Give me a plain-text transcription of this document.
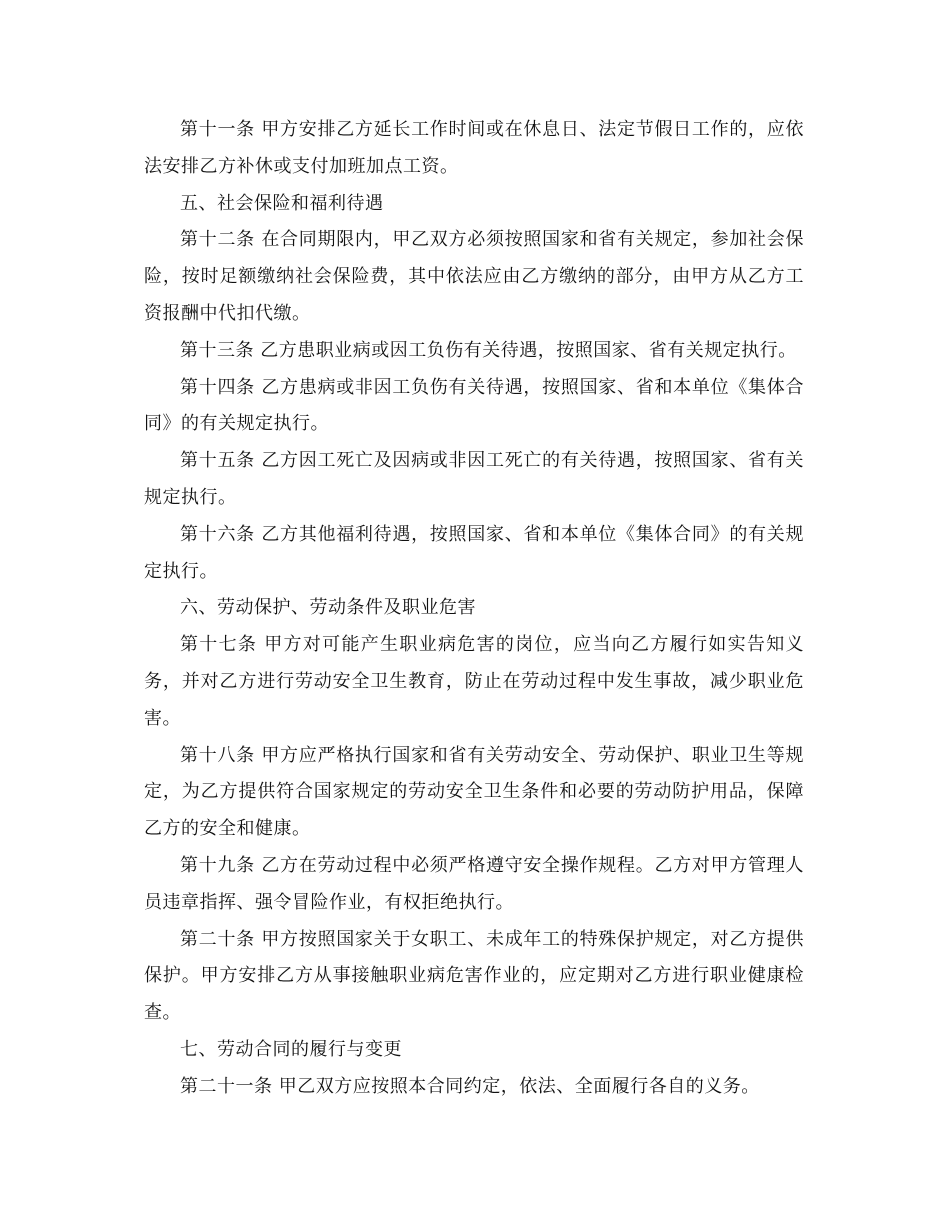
第十一条 甲方安排乙方延长工作时间或在休息日、法定节假日工作的，应依法安排乙方补休或支付加班加点工资。

五、社会保险和福利待遇

第十二条 在合同期限内，甲乙双方必须按照国家和省有关规定，参加社会保险，按时足额缴纳社会保险费，其中依法应由乙方缴纳的部分，由甲方从乙方工资报酬中代扣代缴。

第十三条 乙方患职业病或因工负伤有关待遇，按照国家、省有关规定执行。

第十四条 乙方患病或非因工负伤有关待遇，按照国家、省和本单位《集体合同》的有关规定执行。

第十五条 乙方因工死亡及因病或非因工死亡的有关待遇，按照国家、省有关规定执行。

第十六条 乙方其他福利待遇，按照国家、省和本单位《集体合同》的有关规定执行。

六、劳动保护、劳动条件及职业危害

第十七条 甲方对可能产生职业病危害的岗位，应当向乙方履行如实告知义务，并对乙方进行劳动安全卫生教育，防止在劳动过程中发生事故，减少职业危害。

第十八条 甲方应严格执行国家和省有关劳动安全、劳动保护、职业卫生等规定，为乙方提供符合国家规定的劳动安全卫生条件和必要的劳动防护用品，保障乙方的安全和健康。

第十九条 乙方在劳动过程中必须严格遵守安全操作规程。乙方对甲方管理人员违章指挥、强令冒险作业，有权拒绝执行。

第二十条 甲方按照国家关于女职工、未成年工的特殊保护规定，对乙方提供保护。甲方安排乙方从事接触职业病危害作业的，应定期对乙方进行职业健康检查。

七、劳动合同的履行与变更

第二十一条 甲乙双方应按照本合同约定，依法、全面履行各自的义务。
